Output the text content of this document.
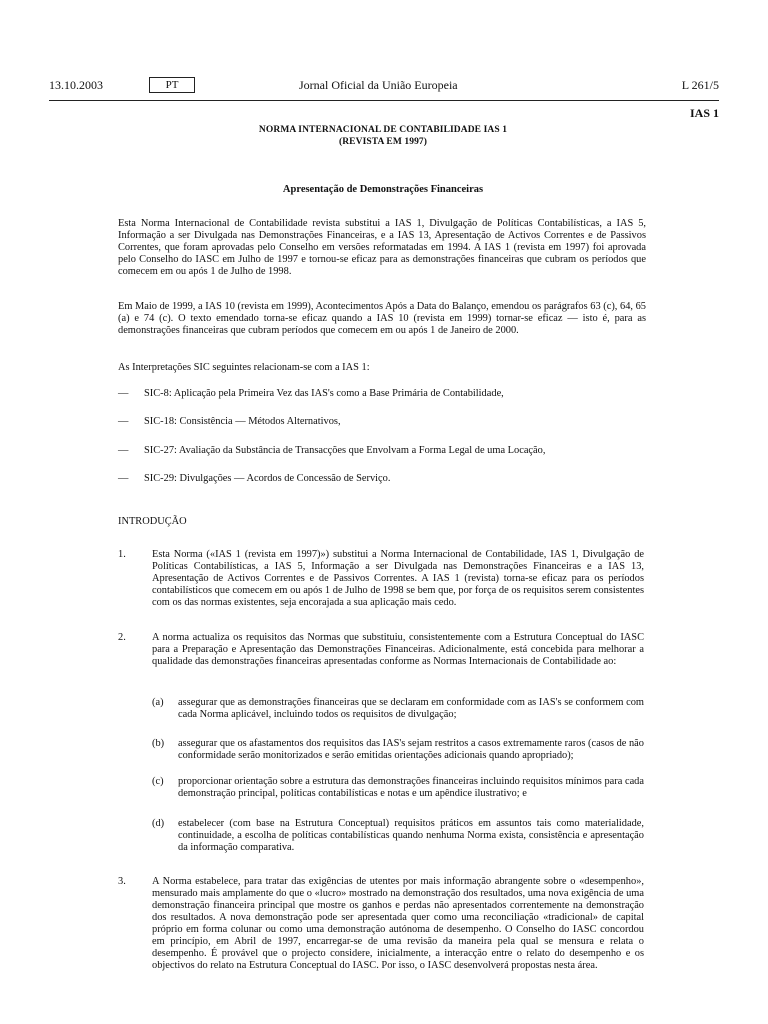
13.10.2003	PT	Jornal Oficial da União Europeia	L 261/5
IAS 1
NORMA INTERNACIONAL DE CONTABILIDADE IAS 1
(REVISTA EM 1997)
Apresentação de Demonstrações Financeiras

Esta Norma Internacional de Contabilidade revista substitui a IAS 1, Divulgação de Políticas Contabilísticas, a IAS 5, Informação a ser Divulgada nas Demonstrações Financeiras, e a IAS 13, Apresentação de Activos Correntes e de Passivos Correntes, que foram aprovadas pelo Conselho em versões reformatadas em 1994. A IAS 1 (revista em 1997) foi aprovada pelo Conselho do IASC em Julho de 1997 e tornou-se eficaz para as demonstrações financeiras que cubram os períodos que comecem em ou após 1 de Julho de 1998.

Em Maio de 1999, a IAS 10 (revista em 1999), Acontecimentos Após a Data do Balanço, emendou os parágrafos 63 (c), 64, 65 (a) e 74 (c). O texto emendado torna-se eficaz quando a IAS 10 (revista em 1999) tornar-se eficaz — isto é, para as demonstrações financeiras que cubram períodos que comecem em ou após 1 de Janeiro de 2000.

As Interpretações SIC seguintes relacionam-se com a IAS 1:

— SIC-8: Aplicação pela Primeira Vez das IAS's como a Base Primária de Contabilidade,
— SIC-18: Consistência — Métodos Alternativos,
— SIC-27: Avaliação da Substância de Transacções que Envolvam a Forma Legal de uma Locação,
— SIC-29: Divulgações — Acordos de Concessão de Serviço.
INTRODUÇÃO
1.	Esta Norma («IAS 1 (revista em 1997)») substitui a Norma Internacional de Contabilidade, IAS 1, Divulgação de Políticas Contabilísticas, a IAS 5, Informação a ser Divulgada nas Demonstrações Financeiras e a IAS 13, Apresentação de Activos Correntes e de Passivos Correntes. A IAS 1 (revista) torna-se eficaz para os períodos contabilísticos que comecem em ou após 1 de Julho de 1998 se bem que, por força de os requisitos serem consistentes com os das normas existentes, seja encorajada a sua aplicação mais cedo.

2.	A norma actualiza os requisitos das Normas que substituiu, consistentemente com a Estrutura Conceptual do IASC para a Preparação e Apresentação das Demonstrações Financeiras. Adicionalmente, está concebida para melhorar a qualidade das demonstrações financeiras apresentadas conforme as Normas Internacionais de Contabilidade ao:

(a) assegurar que as demonstrações financeiras que se declaram em conformidade com as IAS's se conformem com cada Norma aplicável, incluindo todos os requisitos de divulgação;

(b) assegurar que os afastamentos dos requisitos das IAS's sejam restritos a casos extremamente raros (casos de não conformidade serão monitorizados e serão emitidas orientações adicionais quando apropriado);

(c) proporcionar orientação sobre a estrutura das demonstrações financeiras incluindo requisitos mínimos para cada demonstração principal, políticas contabilísticas e notas e um apêndice ilustrativo; e

(d) estabelecer (com base na Estrutura Conceptual) requisitos práticos em assuntos tais como materialidade, continuidade, a escolha de políticas contabilísticas quando nenhuma Norma exista, consistência e apresentação da informação comparativa.

3.	A Norma estabelece, para tratar das exigências de utentes por mais informação abrangente sobre o «desempenho», mensurado mais amplamente do que o «lucro» mostrado na demonstração dos resultados, uma nova exigência de uma demonstração financeira principal que mostre os ganhos e perdas não apresentados correntemente na demonstração dos resultados. A nova demonstração pode ser apresentada quer como uma reconciliação «tradicional» de capital próprio em forma colunar ou como uma demonstração autónoma de desempenho. O Conselho do IASC concordou em princípio, em Abril de 1997, encarregar-se de uma revisão da maneira pela qual se mensura e relata o desempenho. É provável que o projecto considere, inicialmente, a interacção entre o relato do desempenho e os objectivos do relato na Estrutura Conceptual do IASC. Por isso, o IASC desenvolverá propostas nesta área.
